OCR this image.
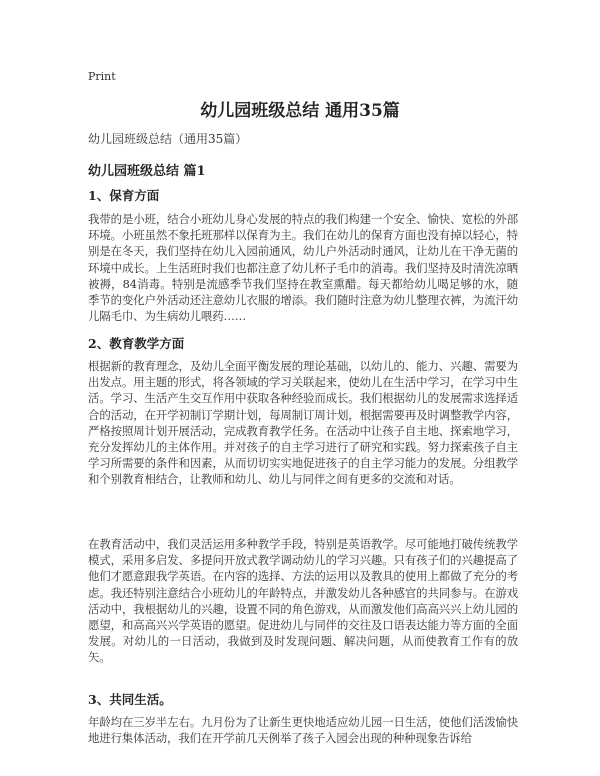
Print
幼儿园班级总结 通用35篇
幼儿园班级总结（通用35篇）
幼儿园班级总结 篇1
1、保育方面

我带的是小班，结合小班幼儿身心发展的特点的我们构建一个安全、愉快、宽松的外部环境。小班虽然不象托班那样以保育为主。我们在幼儿的保育方面也没有掉以轻心，特别是在冬天，我们坚持在幼儿入园前通风，幼儿户外活动时通风，让幼儿在干净无菌的环境中成长。上生活班时我们也都注意了幼儿杯子毛巾的消毒。我们坚持及时清洗凉晒被褥，84消毒。特别是流感季节我们坚持在教室熏醋。每天都给幼儿喝足够的水，随季节的变化户外活动还注意幼儿衣服的增添。我们随时注意为幼儿整理衣裤，为流汗幼儿隔毛巾、为生病幼儿喂药……

2、教育教学方面

根据新的教育理念，及幼儿全面平衡发展的理论基础，以幼儿的、能力、兴趣、需要为出发点。用主题的形式，将各领域的学习关联起来，使幼儿在生活中学习，在学习中生活。学习、生活产生交互作用中获取各种经验而成长。我们根据幼儿的发展需求选择适合的活动，在开学初制订学期计划，每周制订周计划，根据需要再及时调整教学内容，严格按照周计划开展活动，完成教育教学任务。在活动中让孩子自主地、探索地学习，充分发挥幼儿的主体作用。并对孩子的自主学习进行了研究和实践。努力探索孩子自主学习所需要的条件和因素，从而切切实实地促进孩子的自主学习能力的发展。分组教学和个别教育相结合，让教师和幼儿、幼儿与同伴之间有更多的交流和对话。

在教育活动中，我们灵活运用多种教学手段，特别是英语教学。尽可能地打破传统教学模式，采用多启发、多提问开放式教学调动幼儿的学习兴趣。只有孩子们的兴趣提高了他们才愿意跟我学英语。在内容的选择、方法的运用以及教具的使用上都做了充分的考虑。我还特别注意结合小班幼儿的年龄特点，并激发幼儿各种感官的共同参与。在游戏活动中，我根据幼儿的兴趣，设置不同的角色游戏，从而激发他们高高兴兴上幼儿园的愿望，和高高兴兴学英语的愿望。促进幼儿与同伴的交往及口语表达能力等方面的全面发展。对幼儿的一日活动，我做到及时发现问题、解决问题，从而使教育工作有的放矢。

3、共同生活。

年龄均在三岁半左右。九月份为了让新生更快地适应幼儿园一日生活，使他们活泼愉快地进行集体活动，我们在开学前几天例举了孩子入园会出现的种种现象告诉给
